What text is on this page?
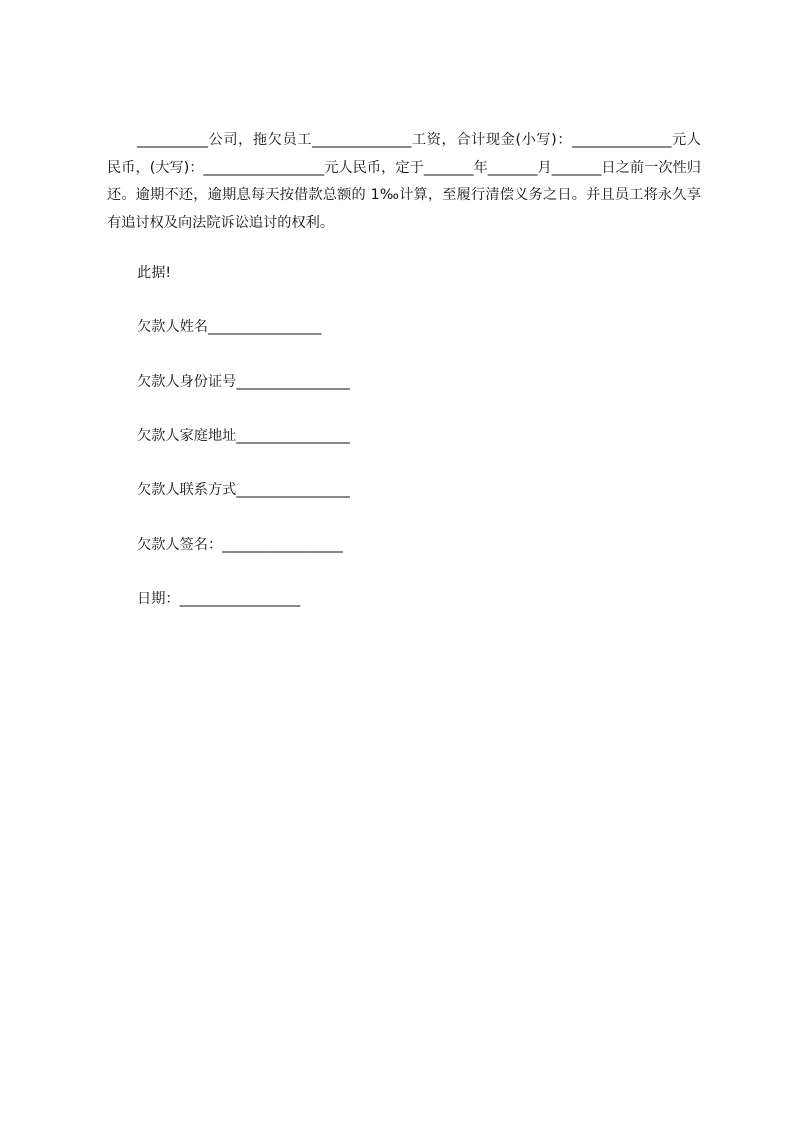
__________公司，拖欠员工______________工资，合计现金(小写)：______________元人民币，(大写)：_________________元人民币，定于_______年_______月_______日之前一次性归还。逾期不还，逾期息每天按借款总额的 1‰计算，至履行清偿义务之日。并且员工将永久享有追讨权及向法院诉讼追讨的权利。

此据!

欠款人姓名________________

欠款人身份证号________________

欠款人家庭地址________________

欠款人联系方式________________

欠款人签名：_________________

日期：_________________
